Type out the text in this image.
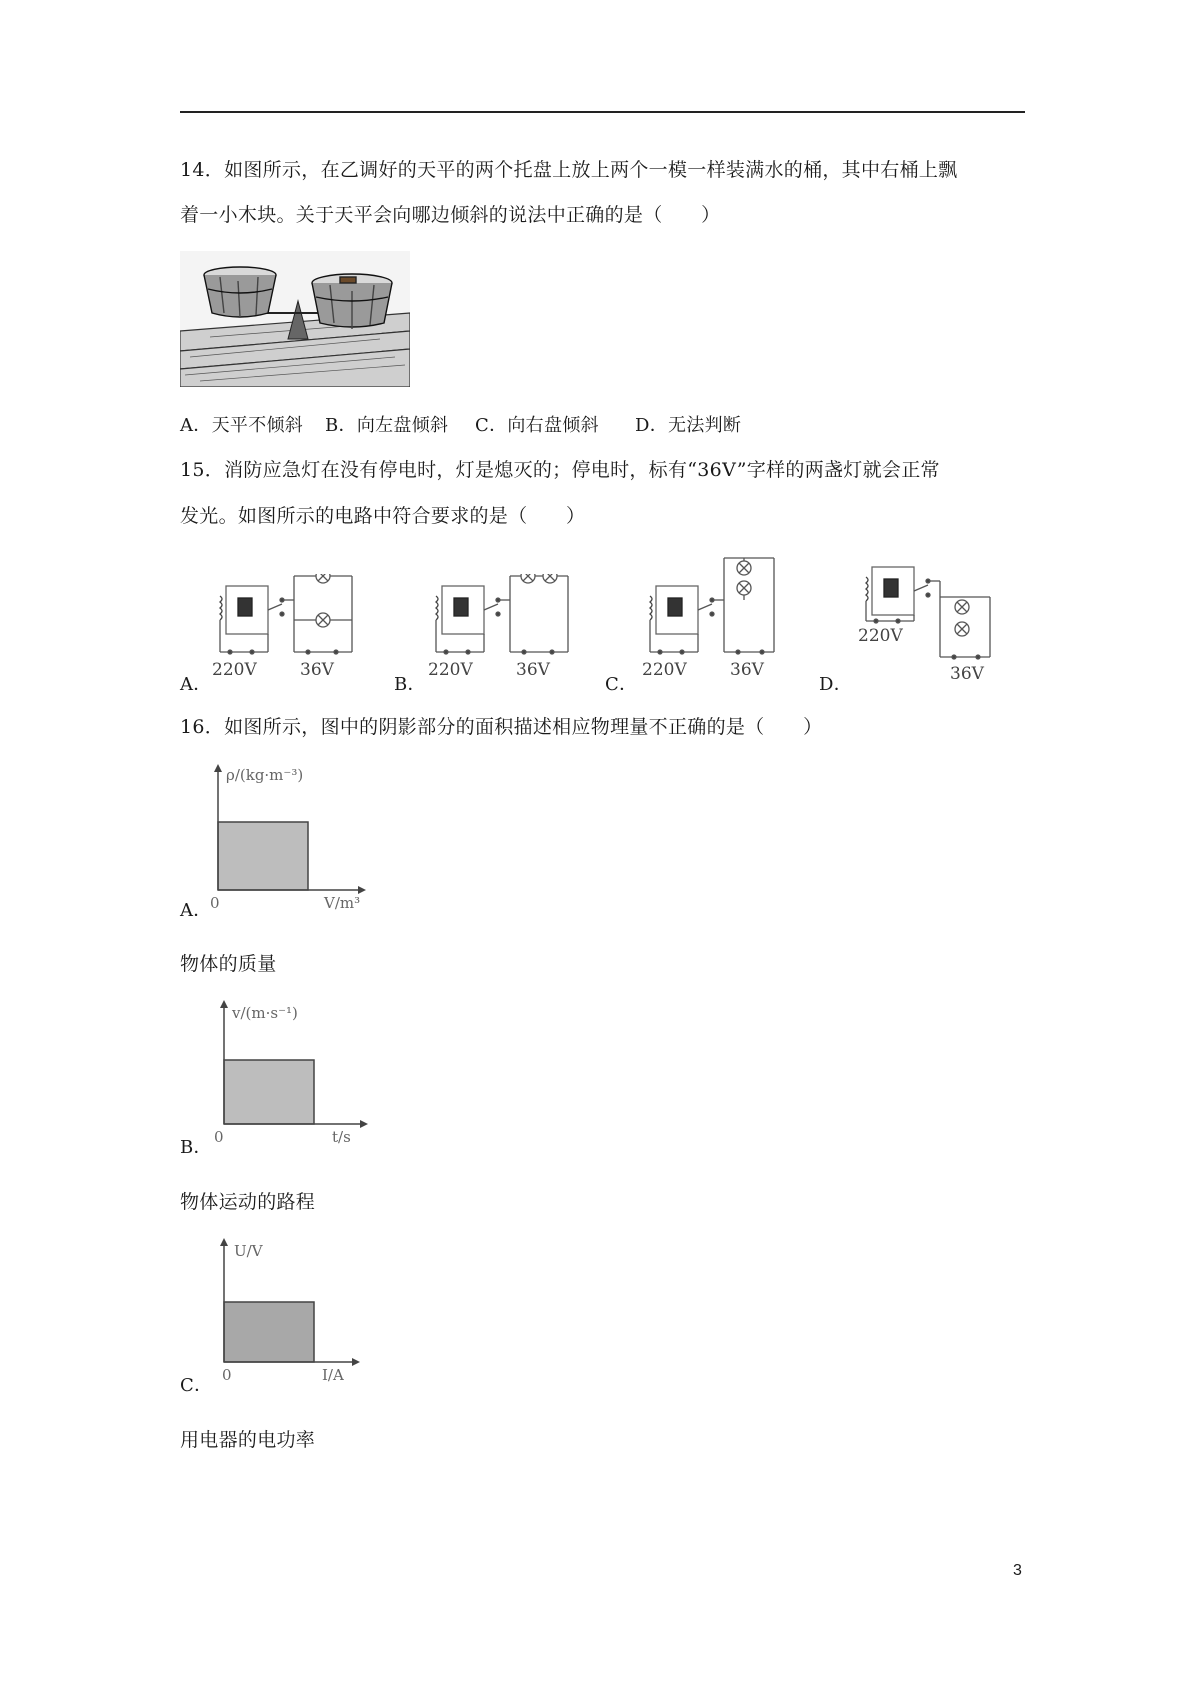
14．如图所示，在乙调好的天平的两个托盘上放上两个一模一样装满水的桶，其中右桶上飘
着一小木块。关于天平会向哪边倾斜的说法中正确的是（　　）
A．天平不倾斜 B．向左盘倾斜 C．向右盘倾斜 D．无法判断
15．消防应急灯在没有停电时，灯是熄灭的；停电时，标有“36V”字样的两盏灯就会正常
发光。如图所示的电路中符合要求的是（　　）
A．	B．	C．	D．
220V	36V	220V	36V	220V	36V
220V
36V
16．如图所示，图中的阴影部分的面积描述相应物理量不正确的是（　　）
A．
ρ/(kg·m⁻³)
0	V/m³
物体的质量
B．
v/(m·s⁻¹)
0	t/s
物体运动的路程
C．
U/V
0	I/A
用电器的电功率
3
